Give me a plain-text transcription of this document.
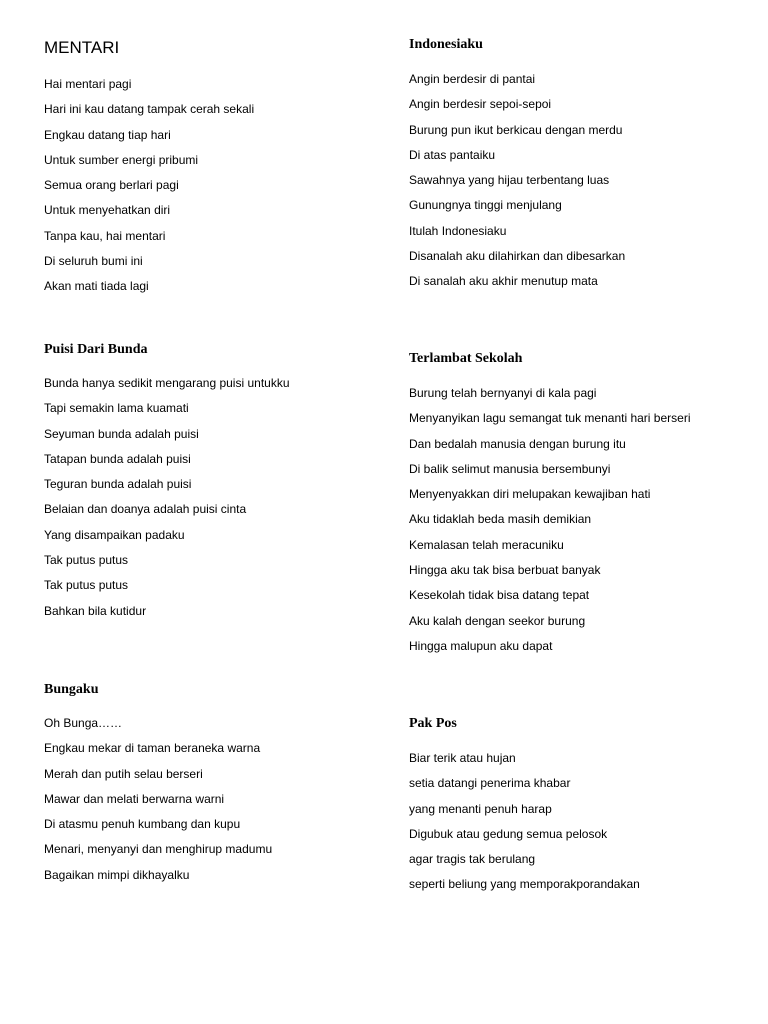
MENTARI
Hai mentari pagi
Hari ini kau datang tampak cerah sekali
Engkau datang tiap hari
Untuk sumber energi pribumi
Semua orang berlari pagi
Untuk menyehatkan diri
Tanpa kau, hai mentari
Di seluruh bumi ini
Akan mati tiada lagi
Indonesiaku
Angin berdesir di pantai
Angin berdesir sepoi-sepoi
Burung pun ikut berkicau dengan merdu
Di atas pantaiku
Sawahnya yang hijau terbentang luas
Gunungnya tinggi menjulang
Itulah Indonesiaku
Disanalah aku dilahirkan dan dibesarkan
Di sanalah aku akhir menutup mata
Puisi Dari Bunda
Bunda hanya sedikit mengarang puisi untukku
Tapi semakin lama kuamati
Seyuman bunda adalah puisi
Tatapan bunda adalah puisi
Teguran bunda adalah puisi
Belaian dan doanya adalah puisi cinta
Yang disampaikan padaku
Tak putus putus
Tak putus putus
Bahkan bila kutidur
Terlambat Sekolah
Burung telah bernyanyi di kala pagi
Menyanyikan lagu semangat tuk menanti hari berseri
Dan bedalah manusia dengan burung itu
Di balik selimut manusia bersembunyi
Menyenyakkan diri melupakan kewajiban hati
Aku tidaklah beda masih demikian
Kemalasan telah meracuniku
Hingga aku tak bisa berbuat banyak
Kesekolah tidak bisa datang tepat
Aku kalah dengan seekor burung
Hingga malupun aku dapat
Bungaku
Oh Bunga……
Engkau mekar di taman beraneka warna
Merah dan putih selau berseri
Mawar dan melati berwarna warni
Di atasmu penuh kumbang dan kupu
Menari, menyanyi dan menghirup madumu
Bagaikan mimpi dikhayalku
Pak Pos
Biar terik atau hujan
setia datangi penerima khabar
yang menanti penuh harap
Digubuk atau gedung semua pelosok
agar tragis tak berulang
seperti beliung yang memporakporandakan
